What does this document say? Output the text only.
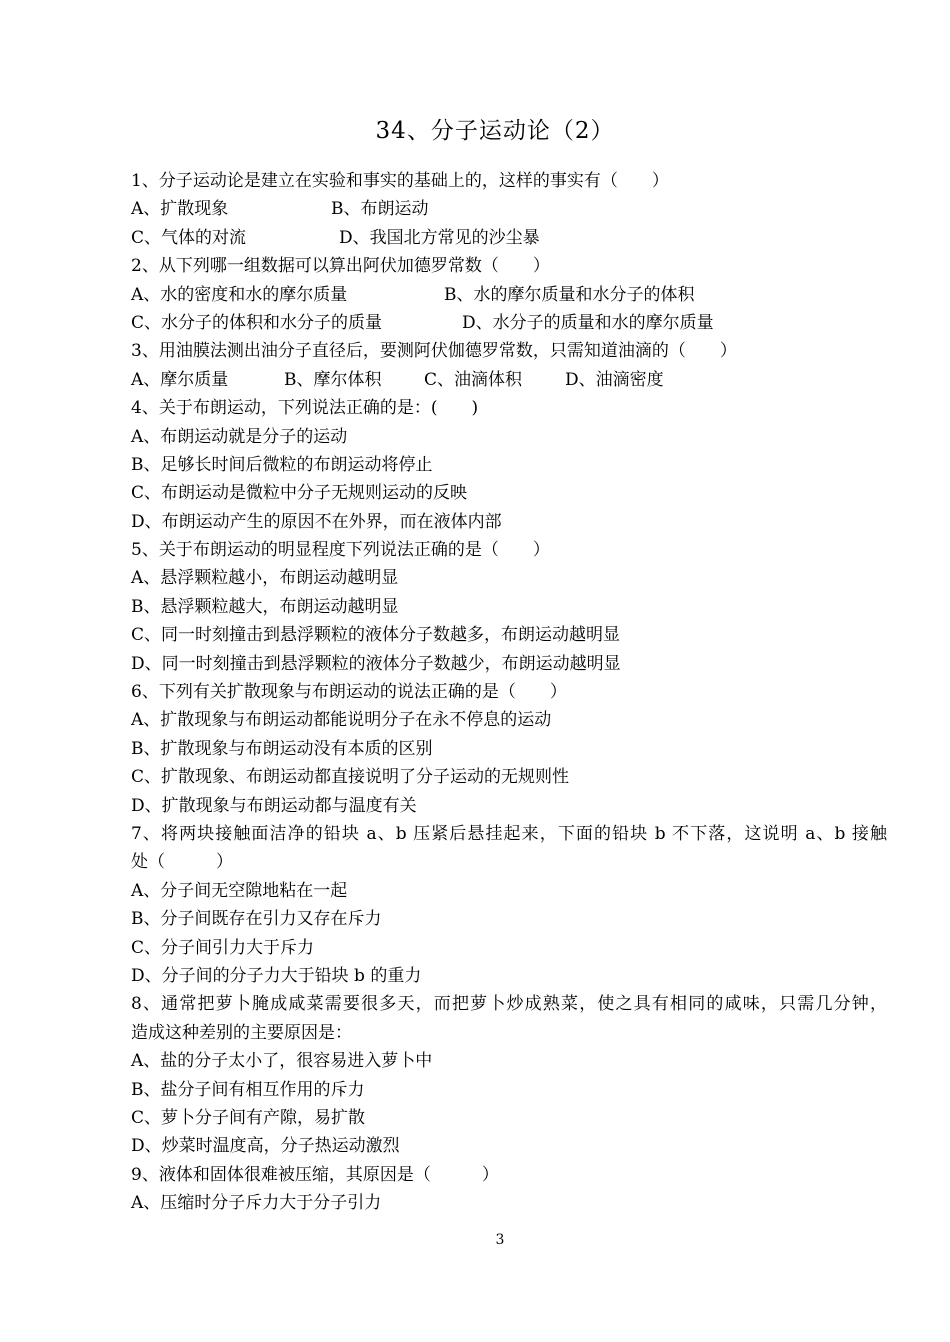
34、分子运动论（2）
1、分子运动论是建立在实验和事实的基础上的，这样的事实有（　　）
A、扩散现象	B、布朗运动
C、气体的对流	D、我国北方常见的沙尘暴
2、从下列哪一组数据可以算出阿伏加德罗常数（　　）
A、水的密度和水的摩尔质量	B、水的摩尔质量和水分子的体积
C、水分子的体积和水分子的质量	D、水分子的质量和水的摩尔质量
3、用油膜法测出油分子直径后，要测阿伏伽德罗常数，只需知道油滴的（　　）
A、摩尔质量	B、摩尔体积	C、油滴体积	D、油滴密度
4、关于布朗运动，下列说法正确的是：(　　)
A、布朗运动就是分子的运动
B、足够长时间后微粒的布朗运动将停止
C、布朗运动是微粒中分子无规则运动的反映
D、布朗运动产生的原因不在外界，而在液体内部
5、关于布朗运动的明显程度下列说法正确的是（　　）
A、悬浮颗粒越小，布朗运动越明显
B、悬浮颗粒越大，布朗运动越明显
C、同一时刻撞击到悬浮颗粒的液体分子数越多，布朗运动越明显
D、同一时刻撞击到悬浮颗粒的液体分子数越少，布朗运动越明显
6、下列有关扩散现象与布朗运动的说法正确的是（　　）
A、扩散现象与布朗运动都能说明分子在永不停息的运动
B、扩散现象与布朗运动没有本质的区别
C、扩散现象、布朗运动都直接说明了分子运动的无规则性
D、扩散现象与布朗运动都与温度有关
7、将两块接触面洁净的铅块 a、b 压紧后悬挂起来，下面的铅块 b 不下落，这说明 a、b 接触
处（　　　）
A、分子间无空隙地粘在一起
B、分子间既存在引力又存在斥力
C、分子间引力大于斥力
D、分子间的分子力大于铅块 b 的重力
8、通常把萝卜腌成咸菜需要很多天，而把萝卜炒成熟菜，使之具有相同的咸味，只需几分钟，
造成这种差别的主要原因是：
A、盐的分子太小了，很容易进入萝卜中
B、盐分子间有相互作用的斥力
C、萝卜分子间有产隙，易扩散
D、炒菜时温度高，分子热运动激烈
9、液体和固体很难被压缩，其原因是（　　　）
A、压缩时分子斥力大于分子引力
3
